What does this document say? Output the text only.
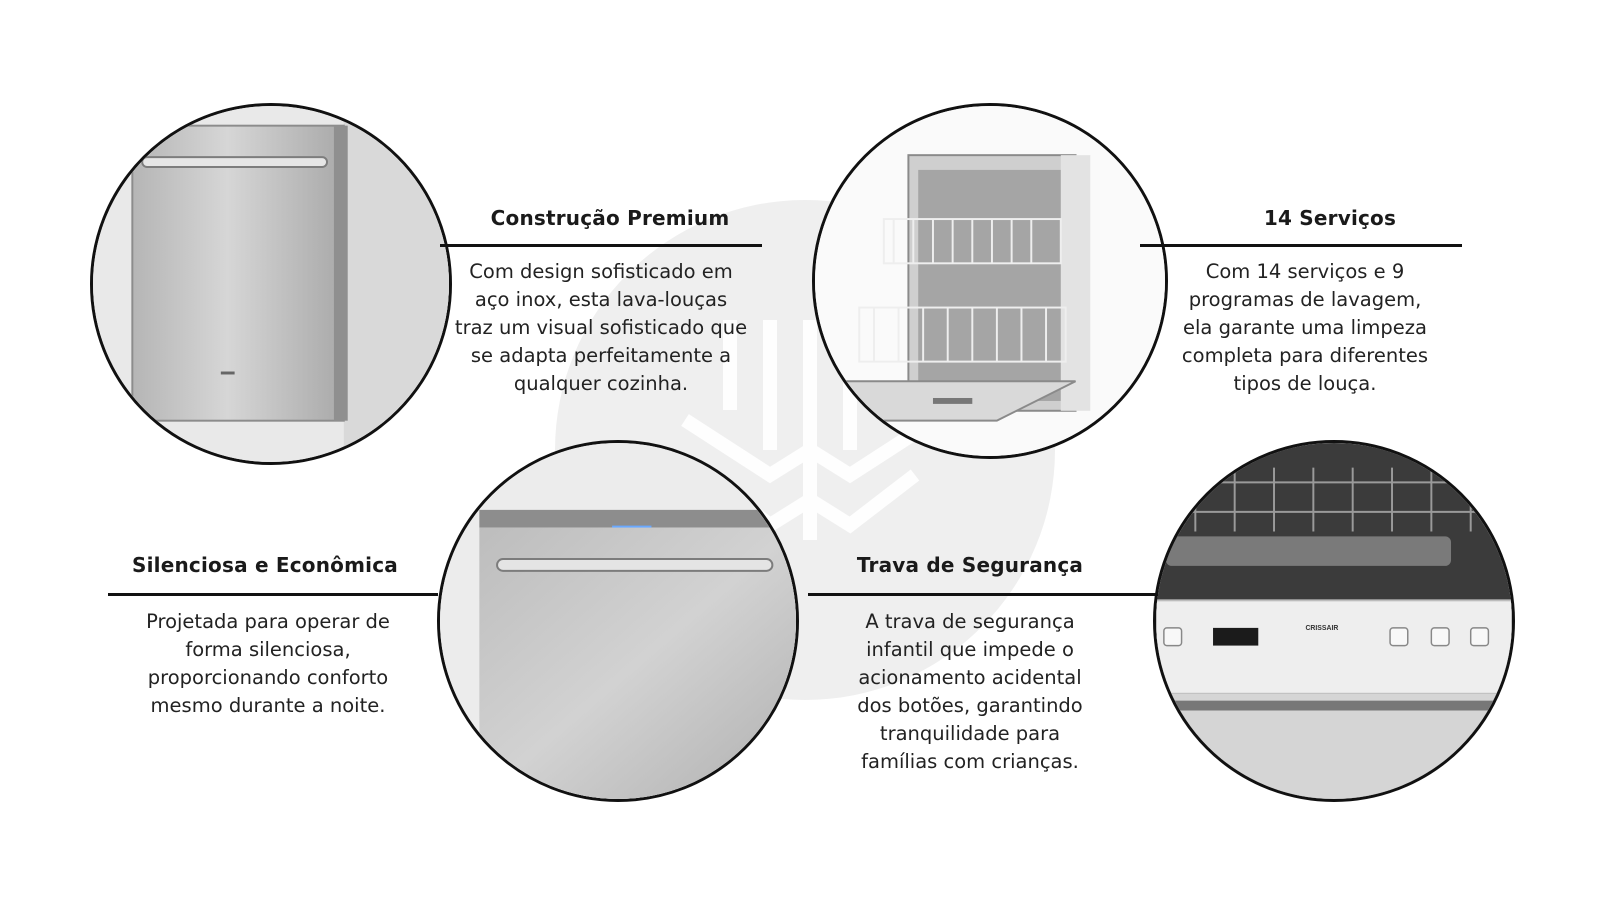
CRISSAIR
Construção Premium
Com design sofisticado em
aço inox, esta lava-louças
traz um visual sofisticado que
se adapta perfeitamente a
qualquer cozinha.
14 Serviços
Com 14 serviços e 9
programas de lavagem,
ela garante uma limpeza
completa para diferentes
tipos de louça.
Silenciosa e Econômica
Projetada para operar de
forma silenciosa,
proporcionando conforto
mesmo durante a noite.
Trava de Segurança
A trava de segurança
infantil que impede o
acionamento acidental
dos botões, garantindo
tranquilidade para
famílias com crianças.
